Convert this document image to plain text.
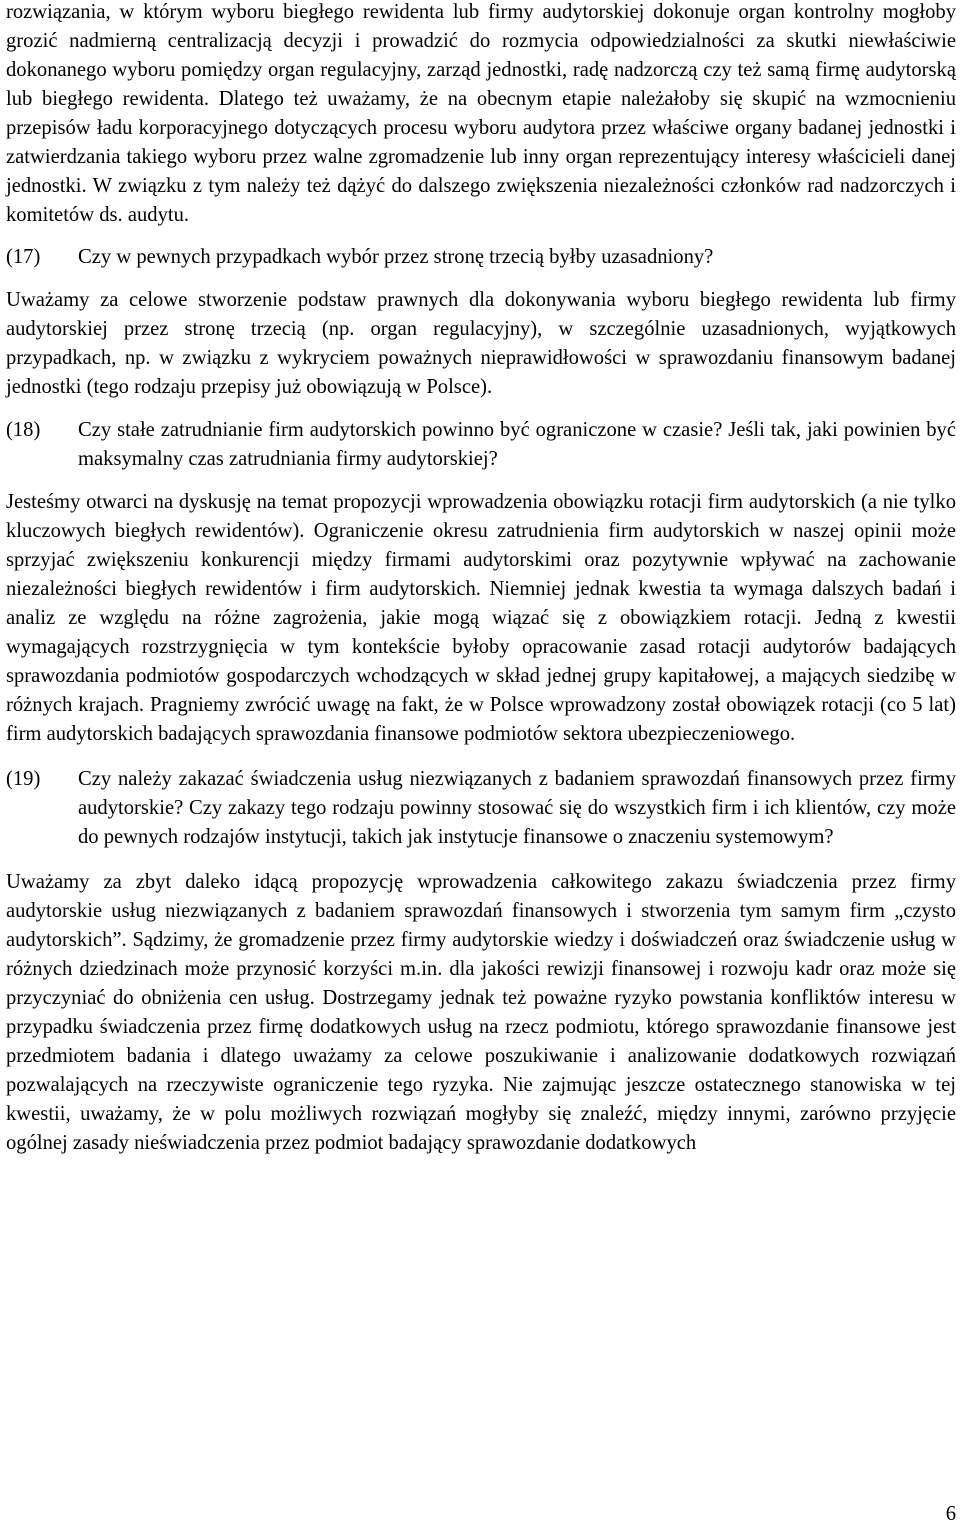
rozwiązania, w którym wyboru biegłego rewidenta lub firmy audytorskiej dokonuje organ kontrolny mogłoby grozić nadmierną centralizacją decyzji i prowadzić do rozmycia odpowiedzialności za skutki niewłaściwie dokonanego wyboru pomiędzy organ regulacyjny, zarząd jednostki, radę nadzorczą czy też samą firmę audytorską lub biegłego rewidenta. Dlatego też uważamy, że na obecnym etapie należałoby się skupić na wzmocnieniu przepisów ładu korporacyjnego dotyczących procesu wyboru audytora przez właściwe organy badanej jednostki i zatwierdzania takiego wyboru przez walne zgromadzenie lub inny organ reprezentujący interesy właścicieli danej jednostki. W związku z tym należy też dążyć do dalszego zwiększenia niezależności członków rad nadzorczych i komitetów ds. audytu.

(17)	Czy w pewnych przypadkach wybór przez stronę trzecią byłby uzasadniony?

Uważamy za celowe stworzenie podstaw prawnych dla dokonywania wyboru biegłego rewidenta lub firmy audytorskiej przez stronę trzecią (np. organ regulacyjny), w szczególnie uzasadnionych, wyjątkowych przypadkach, np. w związku z wykryciem poważnych nieprawidłowości w sprawozdaniu finansowym badanej jednostki (tego rodzaju przepisy już obowiązują w Polsce).

(18)	Czy stałe zatrudnianie firm audytorskich powinno być ograniczone w czasie? Jeśli tak, jaki powinien być maksymalny czas zatrudniania firmy audytorskiej?

Jesteśmy otwarci na dyskusję na temat propozycji wprowadzenia obowiązku rotacji firm audytorskich (a nie tylko kluczowych biegłych rewidentów). Ograniczenie okresu zatrudnienia firm audytorskich w naszej opinii może sprzyjać zwiększeniu konkurencji między firmami audytorskimi oraz pozytywnie wpływać na zachowanie niezależności biegłych rewidentów i firm audytorskich. Niemniej jednak kwestia ta wymaga dalszych badań i analiz ze względu na różne zagrożenia, jakie mogą wiązać się z obowiązkiem rotacji. Jedną z kwestii wymagających rozstrzygnięcia w tym kontekście byłoby opracowanie zasad rotacji audytorów badających sprawozdania podmiotów gospodarczych wchodzących w skład jednej grupy kapitałowej, a mających siedzibę w różnych krajach. Pragniemy zwrócić uwagę na fakt, że w Polsce wprowadzony został obowiązek rotacji (co 5 lat) firm audytorskich badających sprawozdania finansowe podmiotów sektora ubezpieczeniowego.

(19)	Czy należy zakazać świadczenia usług niezwiązanych z badaniem sprawozdań finansowych przez firmy audytorskie? Czy zakazy tego rodzaju powinny stosować się do wszystkich firm i ich klientów, czy może do pewnych rodzajów instytucji, takich jak instytucje finansowe o znaczeniu systemowym?

Uważamy za zbyt daleko idącą propozycję wprowadzenia całkowitego zakazu świadczenia przez firmy audytorskie usług niezwiązanych z badaniem sprawozdań finansowych i stworzenia tym samym firm „czysto audytorskich”. Sądzimy, że gromadzenie przez firmy audytorskie wiedzy i doświadczeń oraz świadczenie usług w różnych dziedzinach może przynosić korzyści m.in. dla jakości rewizji finansowej i rozwoju kadr oraz może się przyczyniać do obniżenia cen usług. Dostrzegamy jednak też poważne ryzyko powstania konfliktów interesu w przypadku świadczenia przez firmę dodatkowych usług na rzecz podmiotu, którego sprawozdanie finansowe jest przedmiotem badania i dlatego uważamy za celowe poszukiwanie i analizowanie dodatkowych rozwiązań pozwalających na rzeczywiste ograniczenie tego ryzyka. Nie zajmując jeszcze ostatecznego stanowiska w tej kwestii, uważamy, że w polu możliwych rozwiązań mogłyby się znaleźć, między innymi, zarówno przyjęcie ogólnej zasady nieświadczenia przez podmiot badający sprawozdanie dodatkowych

6
